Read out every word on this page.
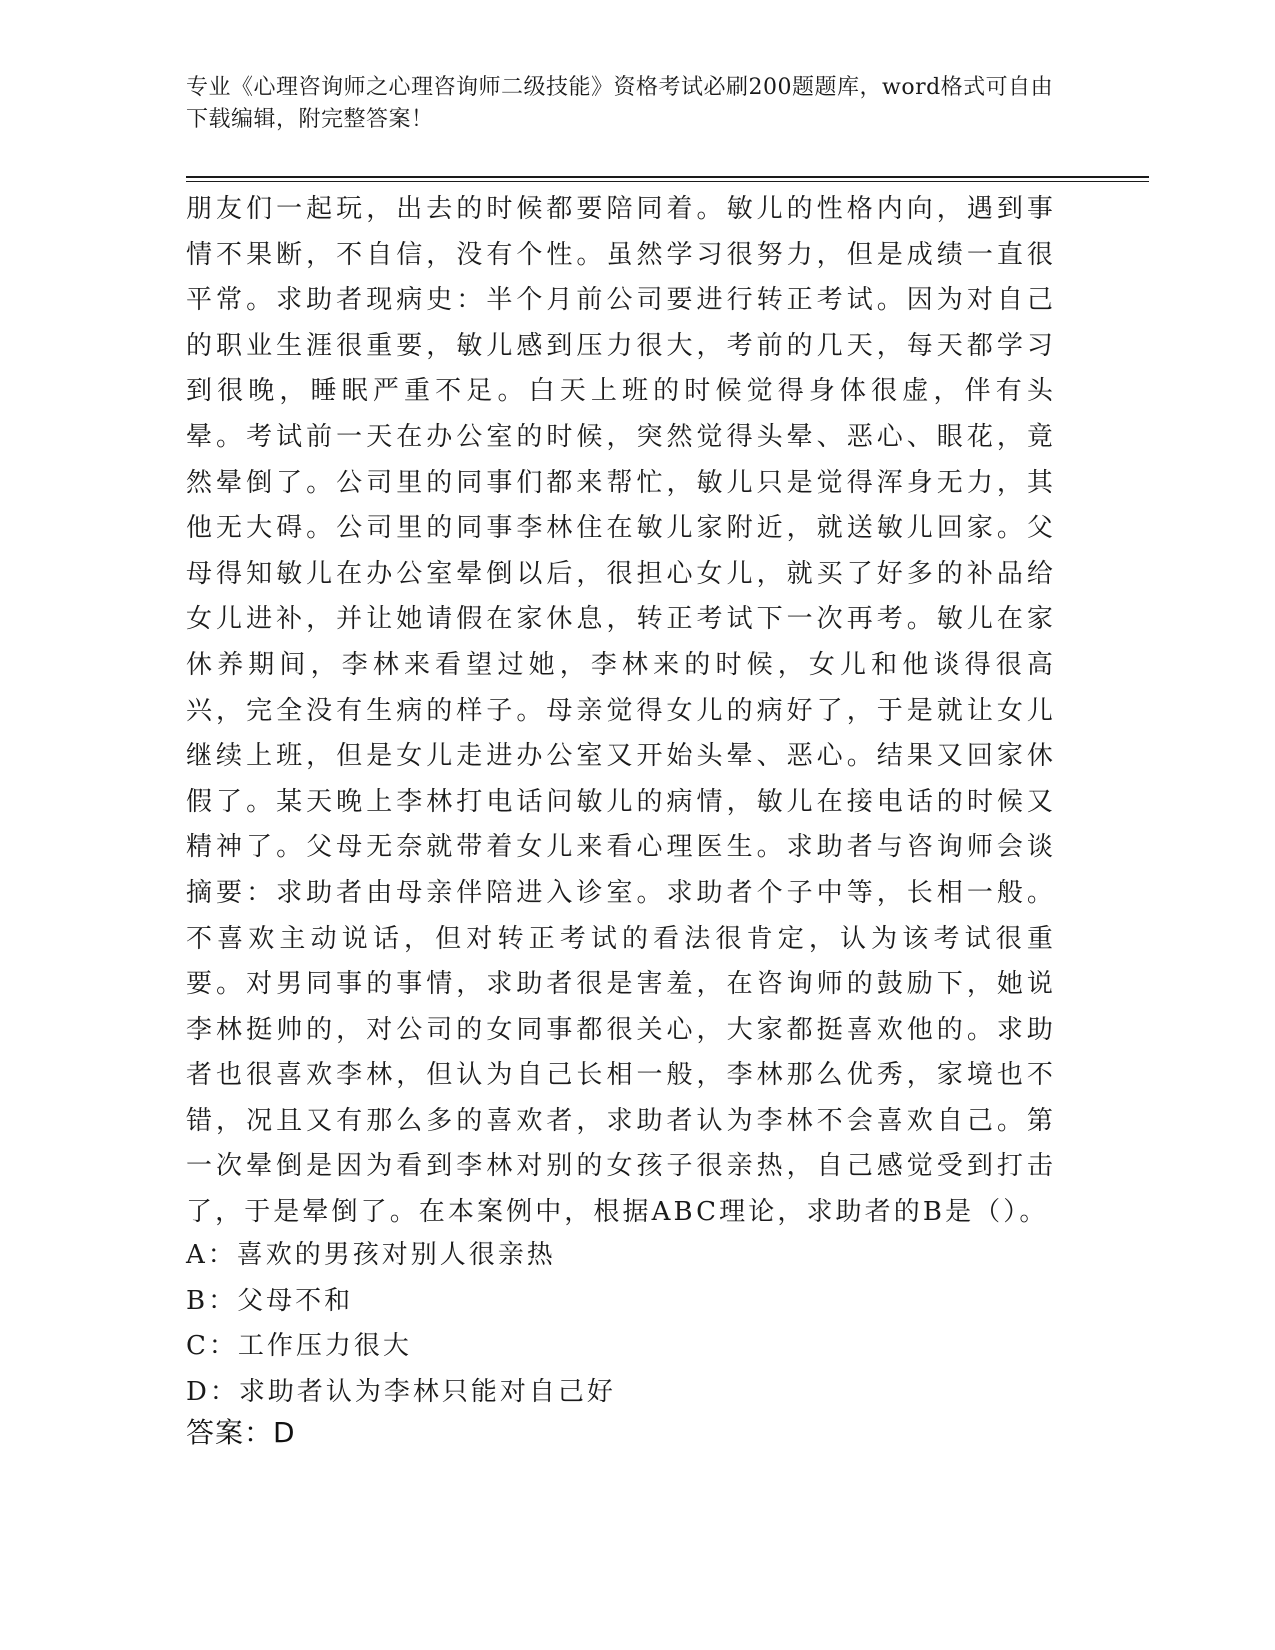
专业《心理咨询师之心理咨询师二级技能》资格考试必刷200题题库，word格式可自由下载编辑，附完整答案！
朋友们一起玩，出去的时候都要陪同着。敏儿的性格内向，遇到事情不果断，不自信，没有个性。虽然学习很努力，但是成绩一直很平常。求助者现病史：半个月前公司要进行转正考试。因为对自己的职业生涯很重要，敏儿感到压力很大，考前的几天，每天都学习到很晚，睡眠严重不足。白天上班的时候觉得身体很虚，伴有头晕。考试前一天在办公室的时候，突然觉得头晕、恶心、眼花，竟然晕倒了。公司里的同事们都来帮忙，敏儿只是觉得浑身无力，其他无大碍。公司里的同事李林住在敏儿家附近，就送敏儿回家。父母得知敏儿在办公室晕倒以后，很担心女儿，就买了好多的补品给女儿进补，并让她请假在家休息，转正考试下一次再考。敏儿在家休养期间，李林来看望过她，李林来的时候，女儿和他谈得很高兴，完全没有生病的样子。母亲觉得女儿的病好了，于是就让女儿继续上班，但是女儿走进办公室又开始头晕、恶心。结果又回家休假了。某天晚上李林打电话问敏儿的病情，敏儿在接电话的时候又精神了。父母无奈就带着女儿来看心理医生。求助者与咨询师会谈摘要：求助者由母亲伴陪进入诊室。求助者个子中等，长相一般。不喜欢主动说话，但对转正考试的看法很肯定，认为该考试很重要。对男同事的事情，求助者很是害羞，在咨询师的鼓励下，她说李林挺帅的，对公司的女同事都很关心，大家都挺喜欢他的。求助者也很喜欢李林，但认为自己长相一般，李林那么优秀，家境也不错，况且又有那么多的喜欢者，求助者认为李林不会喜欢自己。第一次晕倒是因为看到李林对别的女孩子很亲热，自己感觉受到打击了，于是晕倒了。在本案例中，根据ABC理论，求助者的B是（）。
A：喜欢的男孩对别人很亲热
B：父母不和
C：工作压力很大
D：求助者认为李林只能对自己好
答案：D
